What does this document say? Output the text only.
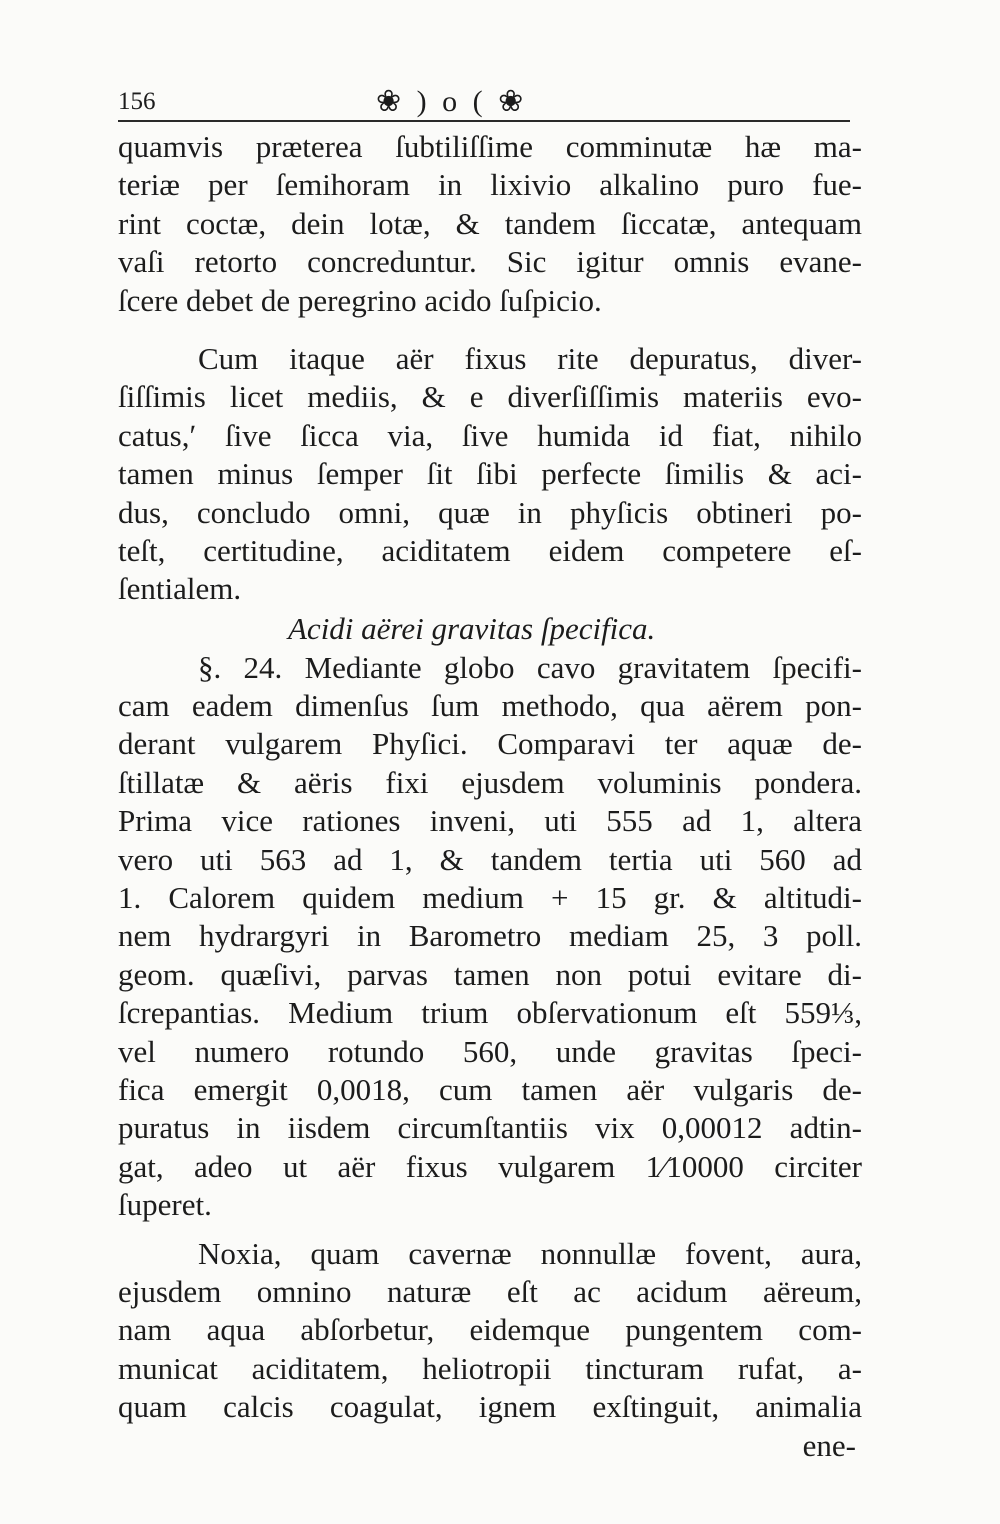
156	❀ ) o ( ❀
quamvis prӕterea ſubtiliſſime comminutӕ hӕ ma-
teriӕ per ſemihoram in lixivio alkalino puro fue-
rint coctӕ, dein lotӕ, & tandem ſiccatӕ, antequam
vaſi retorto concreduntur. Sic igitur omnis evane-
ſcere debet de peregrino acido ſuſpicio.
Cum itaque aër fixus rite depuratus, diver-
ſiſſimis licet mediis, & e diverſiſſimis materiis evo-
catus,ʹ ſive ſicca via, ſive humida id fiat, nihilo
tamen minus ſemper ſit ſibi perfecte ſimilis & aci-
dus, concludo omni, quӕ in phyſicis obtineri po-
teſt, certitudine, aciditatem eidem competere eſ-
ſentialem.
Acidi aërei gravitas ſpecifica.
§. 24. Mediante globo cavo gravitatem ſpecifi-
cam eadem dimenſus ſum methodo, qua aërem pon-
derant vulgarem Phyſici. Comparavi ter aquӕ de-
ſtillatӕ & aëris fixi ejusdem voluminis pondera.
Prima vice rationes inveni, uti 555 ad 1, altera
vero uti 563 ad 1, & tandem tertia uti 560 ad
1. Calorem quidem medium + 15 gr. & altitudi-
nem hydrargyri in Barometro mediam 25, 3 poll.
geom. quӕſivi, parvas tamen non potui evitare di-
ſcrepantias. Medium trium obſervationum eſt 559⅓,
vel numero rotundo 560, unde gravitas ſpeci-
fica emergit 0,0018, cum tamen aër vulgaris de-
puratus in iisdem circumſtantiis vix 0,00012 adtin-
gat, adeo ut aër fixus vulgarem 1⁄10000 circiter
ſuperet.
Noxia, quam cavernӕ nonnullӕ fovent, aura,
ejusdem omnino naturӕ eſt ac acidum aëreum,
nam aqua abſorbetur, eidemque pungentem com-
municat aciditatem, heliotropii tincturam rufat, a-
quam calcis coagulat, ignem exſtinguit, animalia
ene-
